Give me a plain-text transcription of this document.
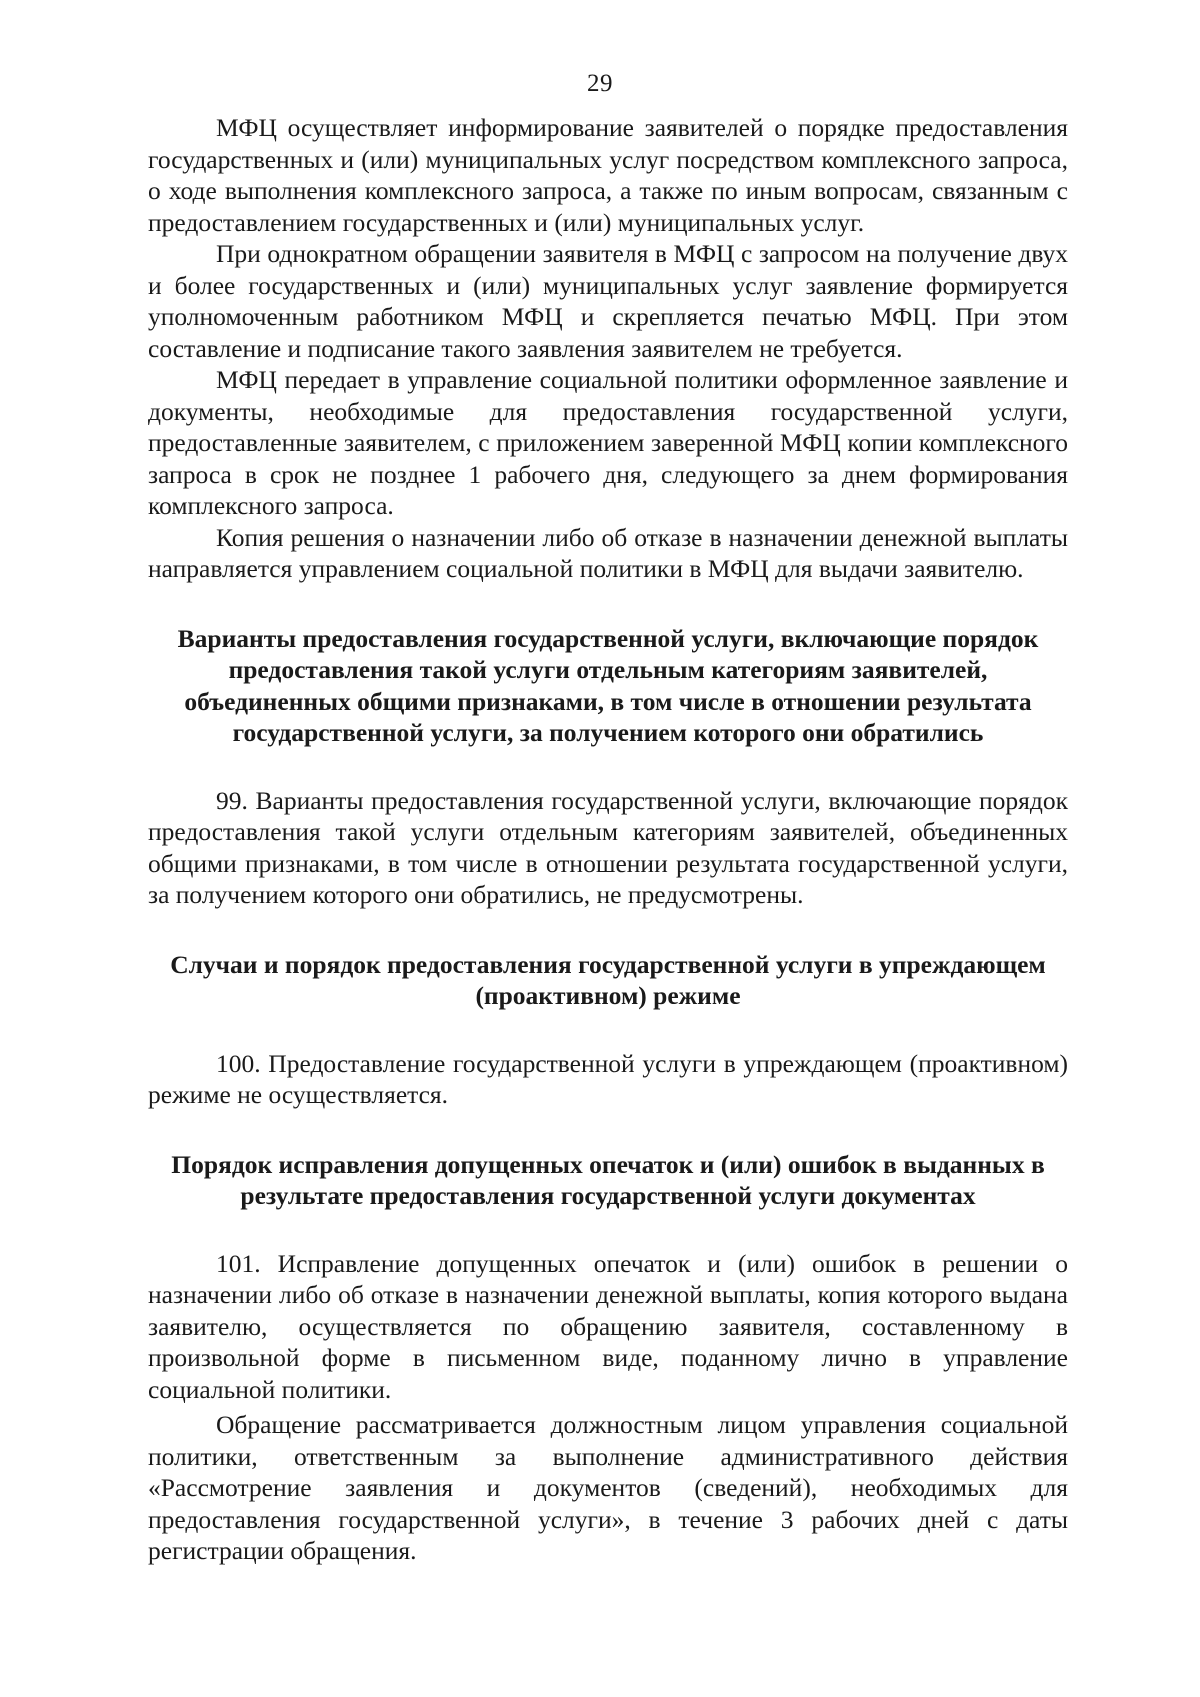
29

МФЦ осуществляет информирование заявителей о порядке предоставления государственных и (или) муниципальных услуг посредством комплексного запроса, о ходе выполнения комплексного запроса, а также по иным вопросам, связанным с предоставлением государственных и (или) муниципальных услуг.

При однократном обращении заявителя в МФЦ с запросом на получение двух и более государственных и (или) муниципальных услуг заявление формируется уполномоченным работником МФЦ и скрепляется печатью МФЦ. При этом составление и подписание такого заявления заявителем не требуется.

МФЦ передает в управление социальной политики оформленное заявление и документы, необходимые для предоставления государственной услуги, предоставленные заявителем, с приложением заверенной МФЦ копии комплексного запроса в срок не позднее 1 рабочего дня, следующего за днем формирования комплексного запроса.

Копия решения о назначении либо об отказе в назначении денежной выплаты направляется управлением социальной политики в МФЦ для выдачи заявителю.

Варианты предоставления государственной услуги, включающие порядок предоставления такой услуги отдельным категориям заявителей, объединенных общими признаками, в том числе в отношении результата государственной услуги, за получением которого они обратились

99. Варианты предоставления государственной услуги, включающие порядок предоставления такой услуги отдельным категориям заявителей, объединенных общими признаками, в том числе в отношении результата государственной услуги, за получением которого они обратились, не предусмотрены.

Случаи и порядок предоставления государственной услуги в упреждающем (проактивном) режиме

100. Предоставление государственной услуги в упреждающем (проактивном) режиме не осуществляется.

Порядок исправления допущенных опечаток и (или) ошибок в выданных в результате предоставления государственной услуги документах

101. Исправление допущенных опечаток и (или) ошибок в решении о назначении либо об отказе в назначении денежной выплаты, копия которого выдана заявителю, осуществляется по обращению заявителя, составленному в произвольной форме в письменном виде, поданному лично в управление социальной политики.

Обращение рассматривается должностным лицом управления социальной политики, ответственным за выполнение административного действия «Рассмотрение заявления и документов (сведений), необходимых для предоставления государственной услуги», в течение 3 рабочих дней с даты регистрации обращения.
